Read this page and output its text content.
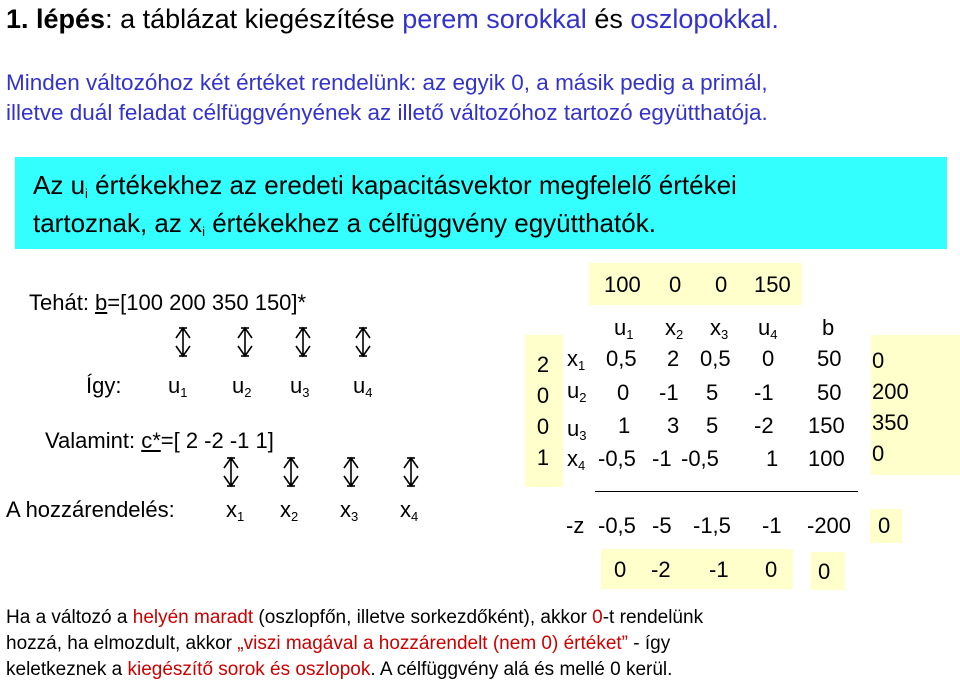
1. lépés: a táblázat kiegészítése perem sorokkal és oszlopokkal.
Minden változóhoz két értéket rendelünk: az egyik 0, a másik pedig a primál,
illetve duál feladat célfüggvényének az illető változóhoz tartozó együtthatója.
Az $u_i$ értékekhez az eredeti kapacitásvektor megfelelő értékei
tartoznak, az $x_i$ értékekhez a célfüggvény együtthatók.
Tehát: b=[100 200 350 150]*
Így: $u_1$ $u_2$ $u_3$ $u_4$
Valamint: c*=[ 2 -2 -1 1]
A hozzárendelés: $x_1$ $x_2$ $x_3$ $x_4$
100 0 0 150
$u_1$ $x_2$ $x_3$ $u_4$ b
2
0
0
1
$x_1$
$u_2$
$u_3$
$x_4$
0,5 2 0,5 0 50
0 -1 5 -1 50
1 3 5 -2 150
-0,5 -1 -0,5 1 100
0
200
350
0
-z -0,5 -5 -1,5 -1 -200 0
0 -2 -1 0 0
Ha a változó a helyén maradt (oszlopfőn, illetve sorkezdőként), akkor 0-t rendelünk
hozzá, ha elmozdult, akkor „viszi magával a hozzárendelt (nem 0) értéket” - így
keletkeznek a kiegészítő sorok és oszlopok. A célfüggvény alá és mellé 0 kerül.
